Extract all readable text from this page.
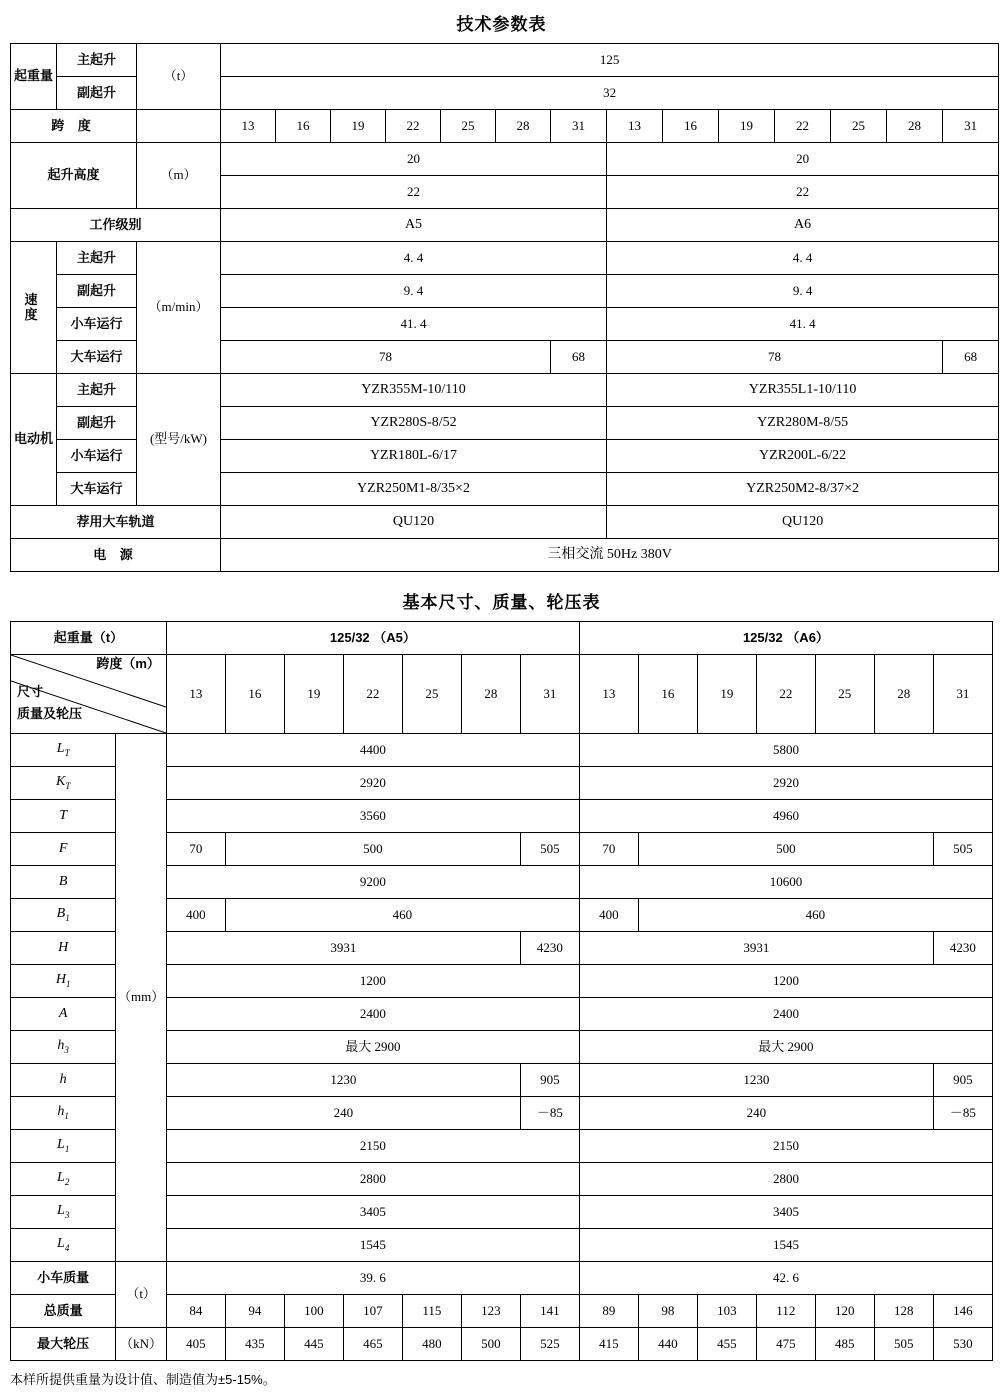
技术参数表
起重量	主起升	（t）	125													
	副起升		32													
跨 度			13	16	19	22	25	28	31	13	16	19	22	25	28	31
起升高度		（m）	20							20						
			22							22						
工作级别			A5							A6						
速 度	主起升	（m/min）	4. 4							4. 4						
	副起升		9. 4							9. 4						
	小车运行		41. 4							41. 4						
	大车运行		78						68	78						68
电动机	主起升	(型号/kW)	YZR355M-10/110							YZR355L1-10/110						
	副起升		YZR280S-8/52							YZR280M-8/55						
	小车运行		YZR180L-6/17							YZR200L-6/22						
	大车运行		YZR250M1-8/35×2							YZR250M2-8/37×2						
荐用大车轨道			QU120							QU120						
电 源			三相交流 50Hz 380V													
基本尺寸、质量、轮压表
起重量（t）		125/32 （A5）							125/32 （A6）						

跨度（m）
尺寸
质量及轮压		13	16	19	22	25	28	31	13	16	19	22	25	28	31
$L_T$	（mm）	4400							5800						
$K_T$		2920							2920						
T		3560							4960						
F		70	500					505	70	500					505
B		9200							10600						
$B_1$		400	460						400	460					
H		3931						4230	3931						4230
$H_1$		1200							1200						
A		2400							2400						
$h_3$		最大 2900							最大 2900						
h		1230						905	1230						905
$h_1$		240						－85	240						－85
$L_1$		2150							2150						
$L_2$		2800							2800						
$L_3$		3405							3405						
$L_4$		1545							1545						
小车质量	（t）	39. 6							42. 6						
总质量		84	94	100	107	115	123	141	89	98	103	112	120	128	146
最大轮压	（kN）	405	435	445	465	480	500	525	415	440	455	475	485	505	530
本样所提供重量为设计值、制造值为±5-15%。
